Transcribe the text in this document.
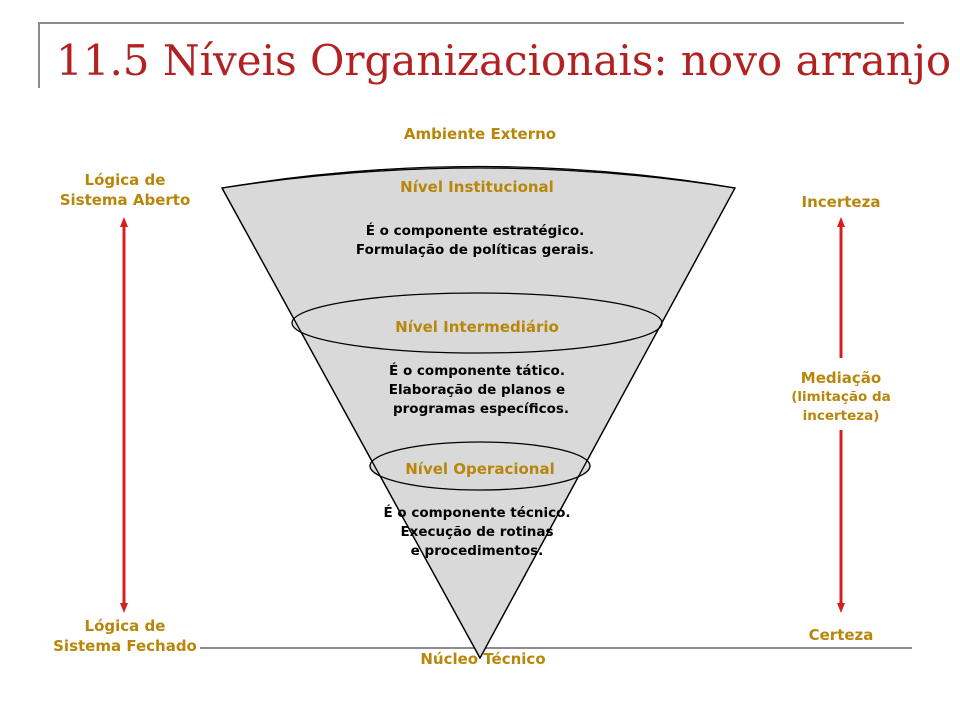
11.5 Níveis Organizacionais: novo arranjo
Ambiente Externo
Núcleo Técnico
Lógica de
Sistema Aberto
Lógica de
Sistema Fechado
Incerteza
Mediação
(limitação da
incerteza)
Certeza
Nível Institucional
É o componente estratégico.
Formulação de políticas gerais.
Nível Intermediário
É o componente tático.
Elaboração de planos e
programas específicos.
Nível Operacional
É o componente técnico.
Execução de rotinas
e procedimentos.
